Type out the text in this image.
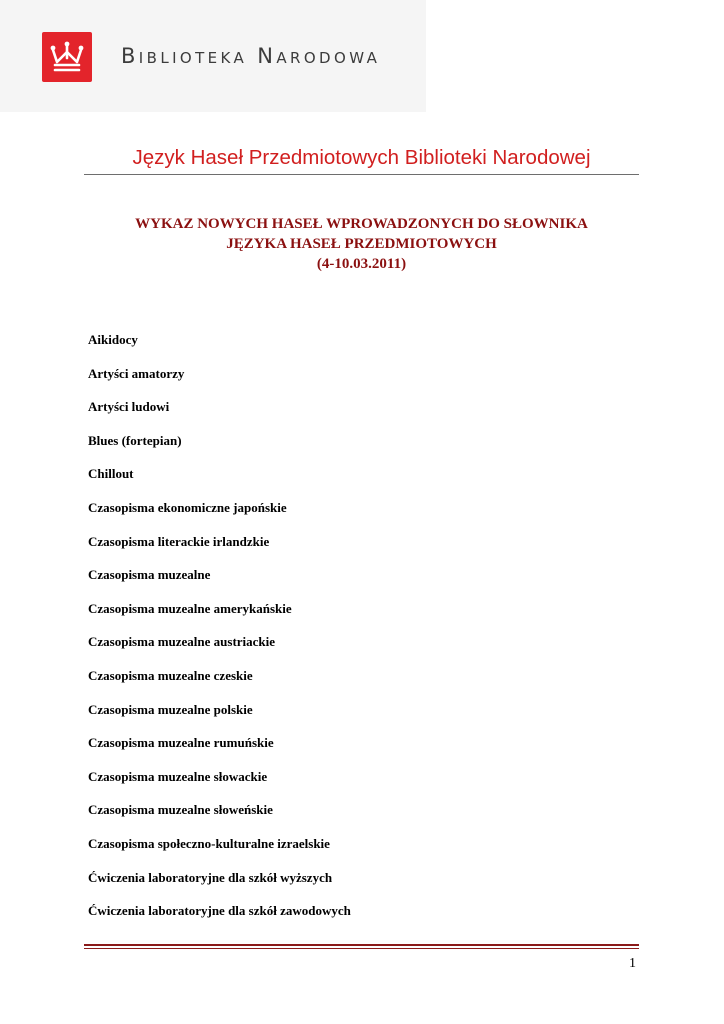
Biblioteka Narodowa
Język Haseł Przedmiotowych Biblioteki Narodowej
WYKAZ NOWYCH HASEŁ WPROWADZONYCH DO SŁOWNIKA
JĘZYKA HASEŁ PRZEDMIOTOWYCH
(4-10.03.2011)
Aikidocy
Artyści amatorzy
Artyści ludowi
Blues (fortepian)
Chillout
Czasopisma ekonomiczne japońskie
Czasopisma literackie irlandzkie
Czasopisma muzealne
Czasopisma muzealne amerykańskie
Czasopisma muzealne austriackie
Czasopisma muzealne czeskie
Czasopisma muzealne polskie
Czasopisma muzealne rumuńskie
Czasopisma muzealne słowackie
Czasopisma muzealne słoweńskie
Czasopisma społeczno-kulturalne izraelskie
Ćwiczenia laboratoryjne dla szkół wyższych
Ćwiczenia laboratoryjne dla szkół zawodowych
1
